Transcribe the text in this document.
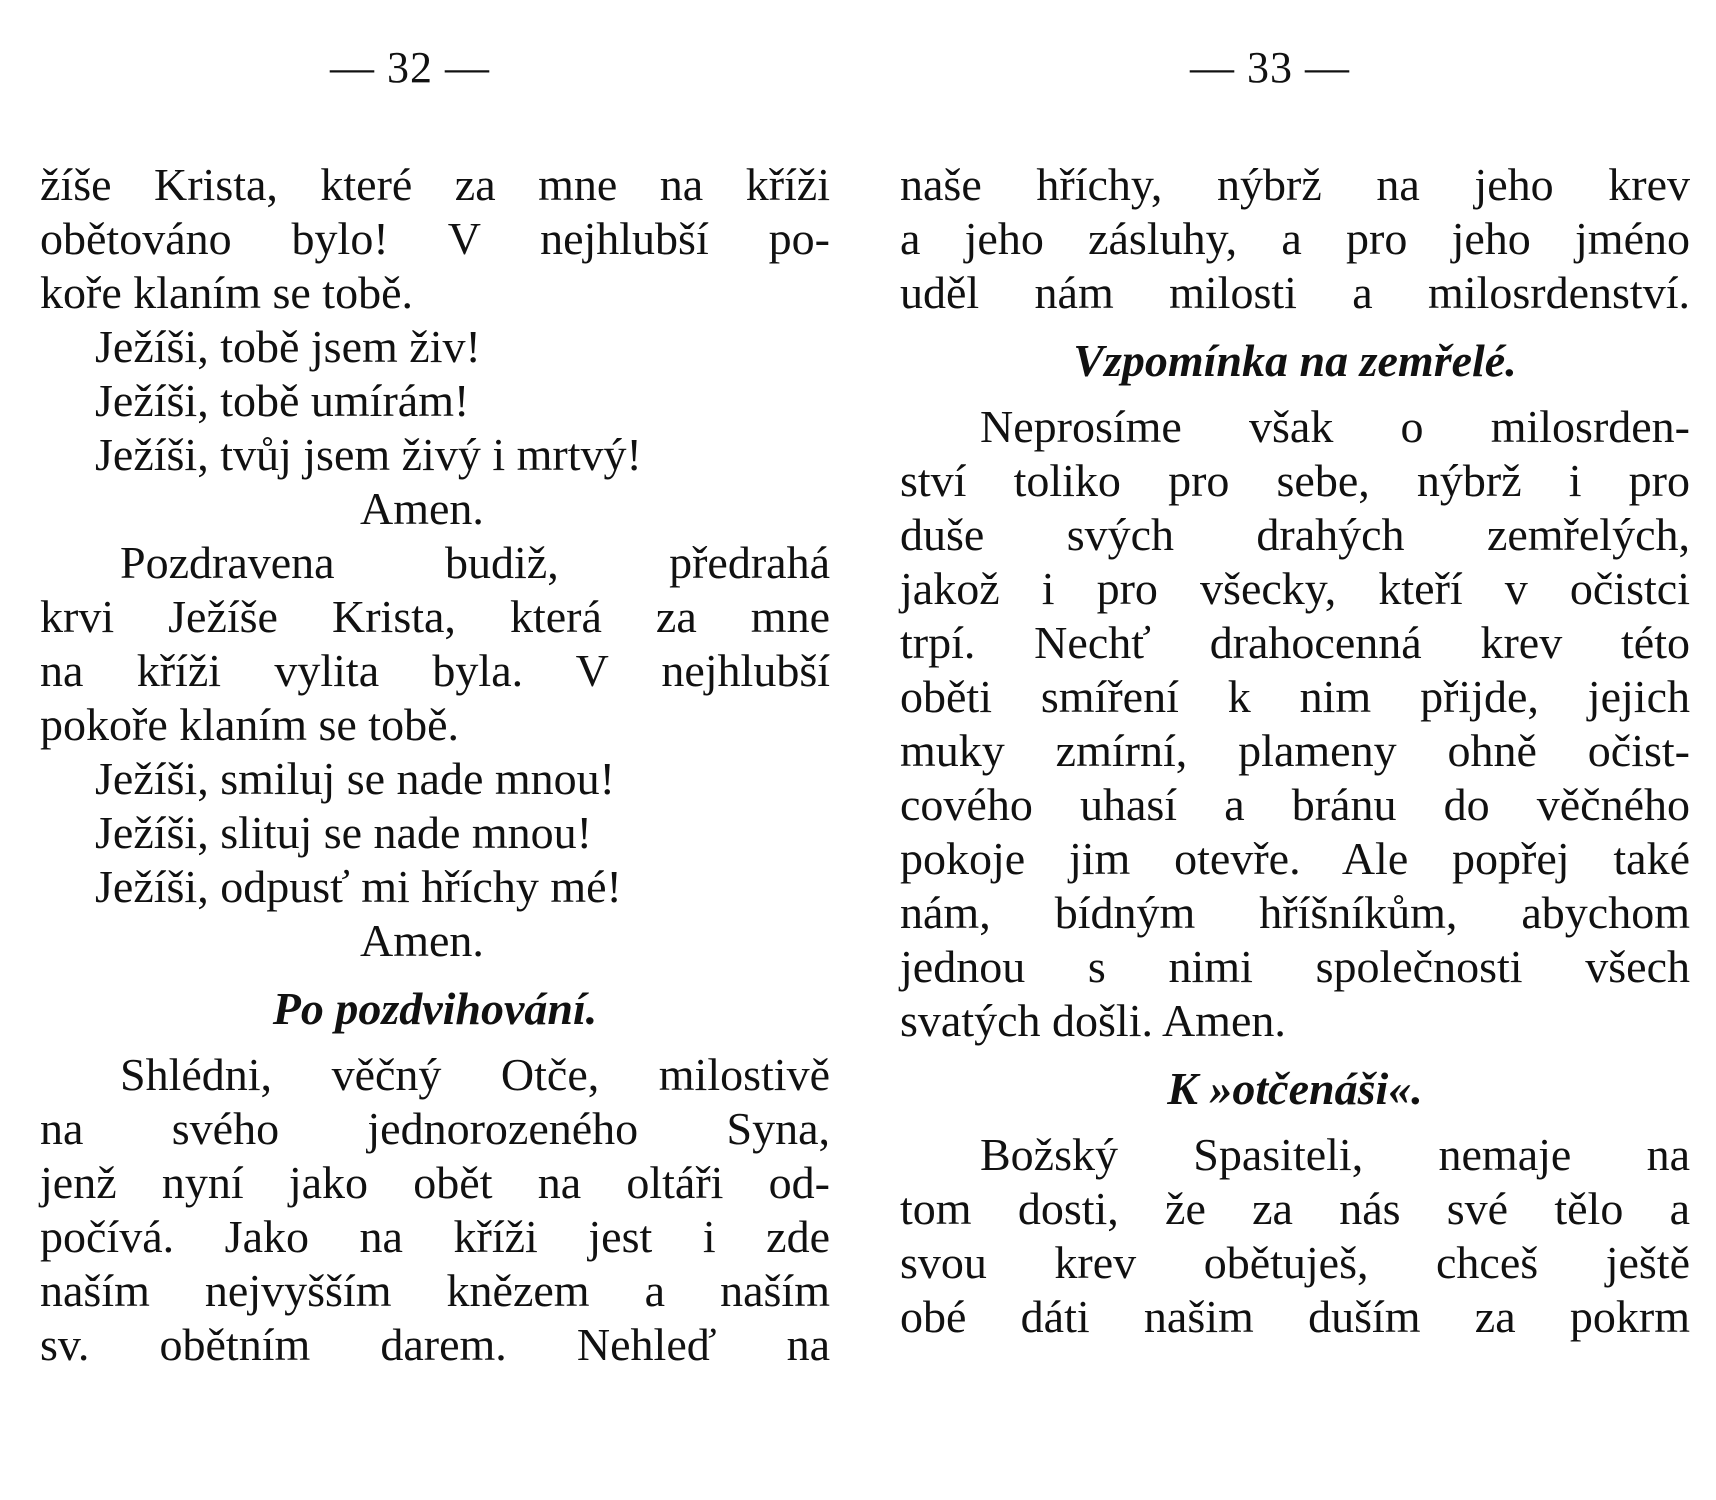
— 32 —
žíše Krista, které za mne na kříži
obětováno bylo! V nejhlubší po-
koře klaním se tobě.
Ježíši, tobě jsem živ!
Ježíši, tobě umírám!
Ježíši, tvůj jsem živý i mrtvý!
Amen.
Pozdravena budiž, předrahá
krvi Ježíše Krista, která za mne
na kříži vylita byla. V nejhlubší
pokoře klaním se tobě.
Ježíši, smiluj se nade mnou!
Ježíši, slituj se nade mnou!
Ježíši, odpusť mi hříchy mé!
Amen.
Po pozdvihování.
Shlédni, věčný Otče, milostivě
na svého jednorozeného Syna,
jenž nyní jako obět na oltáři od-
počívá. Jako na kříži jest i zde
naším nejvyšším knězem a naším
sv. obětním darem. Nehleď na
— 33 —
naše hříchy, nýbrž na jeho krev
a jeho zásluhy, a pro jeho jméno
uděl nám milosti a milosrdenství.
Vzpomínka na zemřelé.
Neprosíme však o milosrden-
ství toliko pro sebe, nýbrž i pro
duše svých drahých zemřelých,
jakož i pro všecky, kteří v očistci
trpí. Nechť drahocenná krev této
oběti smíření k nim přijde, jejich
muky zmírní, plameny ohně očist-
cového uhasí a bránu do věčného
pokoje jim otevře. Ale popřej také
nám, bídným hříšníkům, abychom
jednou s nimi společnosti všech
svatých došli. Amen.
K »otčenáši«.
Božský Spasiteli, nemaje na
tom dosti, že za nás své tělo a
svou krev obětuješ, chceš ještě
obé dáti našim duším za pokrm
